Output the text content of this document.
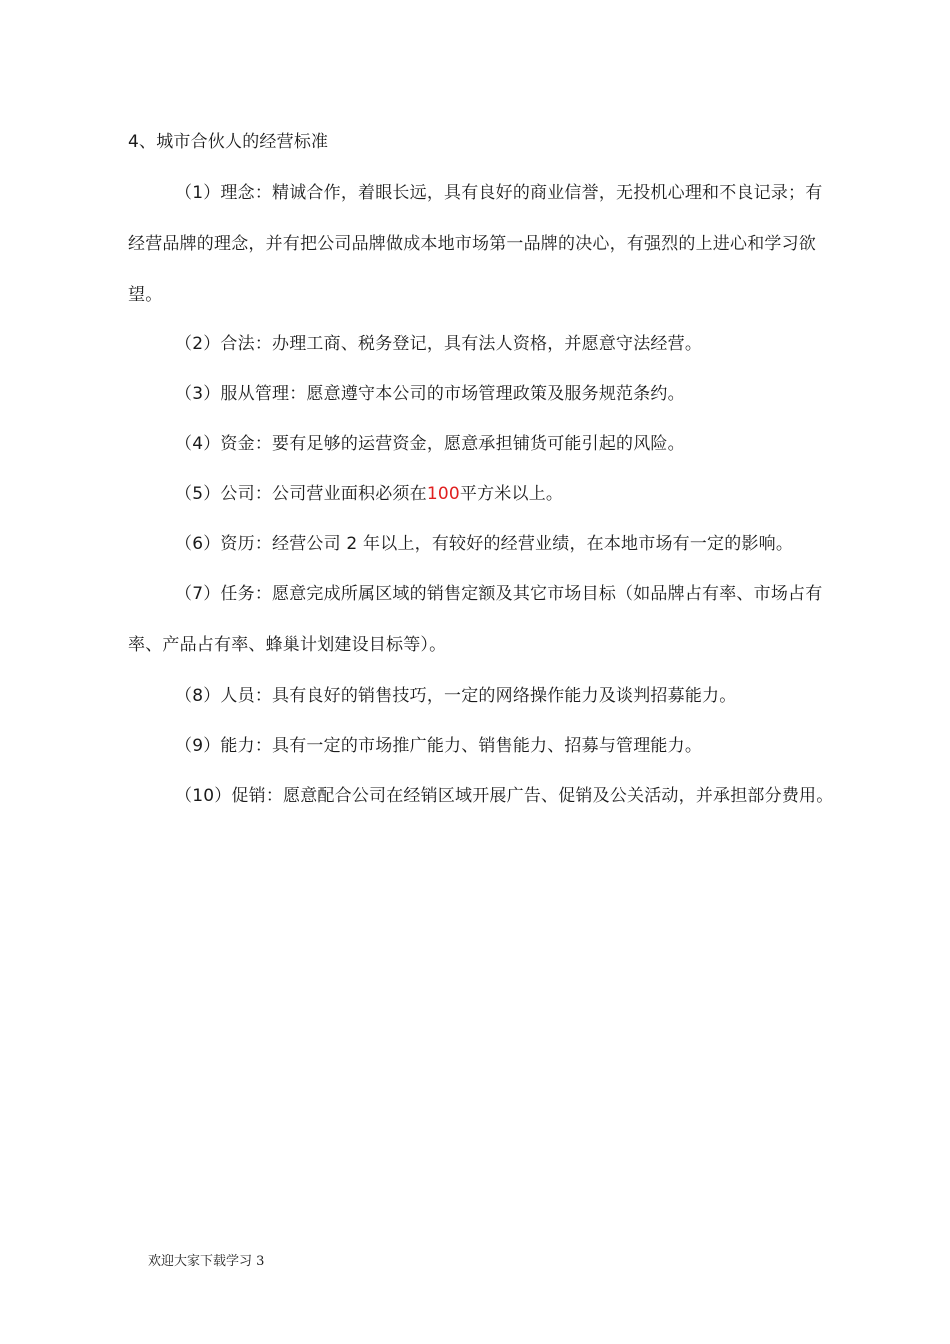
4、城市合伙人的经营标准
（1）理念：精诚合作，着眼长远，具有良好的商业信誉，无投机心理和不良记录；有
经营品牌的理念，并有把公司品牌做成本地市场第一品牌的决心，有强烈的上进心和学习欲
望。
（2）合法：办理工商、税务登记，具有法人资格，并愿意守法经营。
（3）服从管理：愿意遵守本公司的市场管理政策及服务规范条约。
（4）资金：要有足够的运营资金，愿意承担铺货可能引起的风险。
（5）公司：公司营业面积必须在100平方米以上。
（6）资历：经营公司 2 年以上，有较好的经营业绩，在本地市场有一定的影响。
（7）任务：愿意完成所属区域的销售定额及其它市场目标（如品牌占有率、市场占有
率、产品占有率、蜂巢计划建设目标等）。
（8）人员：具有良好的销售技巧，一定的网络操作能力及谈判招募能力。
（9）能力：具有一定的市场推广能力、销售能力、招募与管理能力。
（10）促销：愿意配合公司在经销区域开展广告、促销及公关活动，并承担部分费用。
欢迎大家下载学习 3
